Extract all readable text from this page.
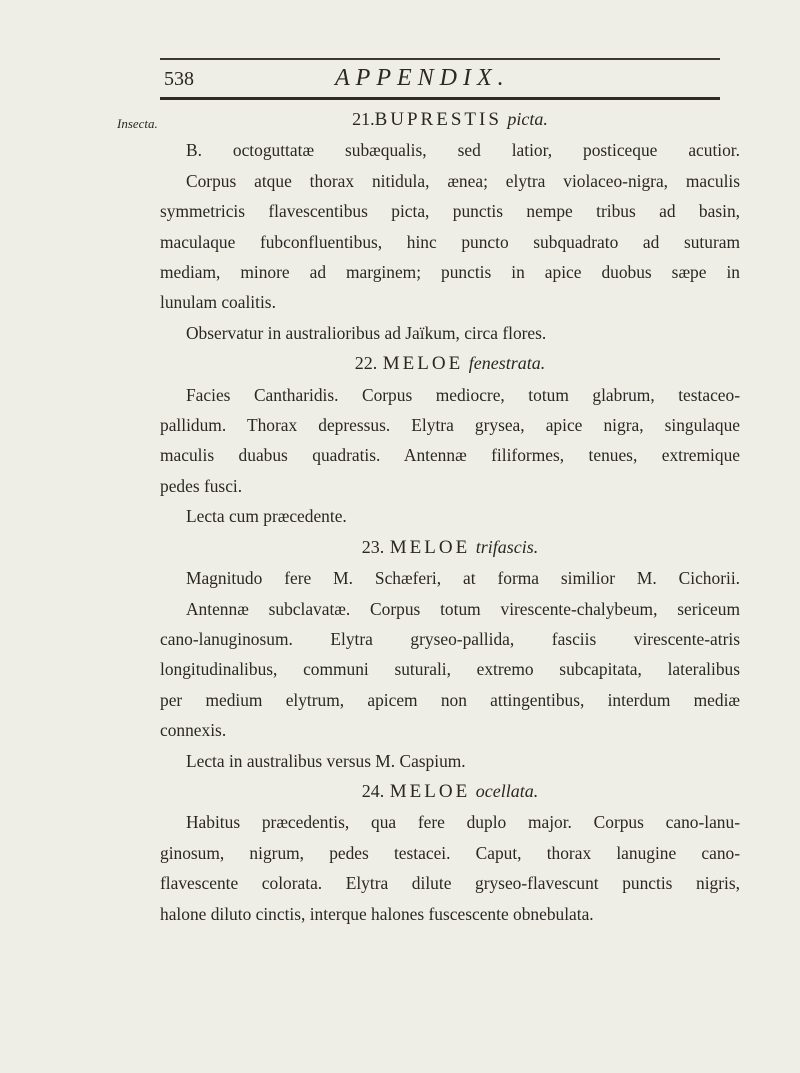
538	APPENDIX.
Insecta.	21.BUPRESTIS picta.

B. octoguttatæ subæqualis, sed latior, posticeque acutior.

Corpus atque thorax nitidula, ænea; elytra violaceo-nigra, maculis

symmetricis flavescentibus picta, punctis nempe tribus ad basin,

maculaque fubconfluentibus, hinc puncto subquadrato ad suturam

mediam, minore ad marginem; punctis in apice duobus sæpe in

lunulam coalitis.

Observatur in australioribus ad Jaïkum, circa flores.

22. MELOE fenestrata.

Facies Cantharidis. Corpus mediocre, totum glabrum, testaceo-

pallidum. Thorax depressus. Elytra grysea, apice nigra, singulaque

maculis duabus quadratis. Antennæ filiformes, tenues, extremique

pedes fusci.

Lecta cum præcedente.

23. MELOE trifascis.

Magnitudo fere M. Schæferi, at forma similior M. Cichorii.

Antennæ subclavatæ. Corpus totum virescente-chalybeum, sericeum

cano-lanuginosum. Elytra gryseo-pallida, fasciis virescente-atris

longitudinalibus, communi suturali, extremo subcapitata, lateralibus

per medium elytrum, apicem non attingentibus, interdum mediæ

connexis.

Lecta in australibus versus M. Caspium.

24. MELOE ocellata.

Habitus præcedentis, qua fere duplo major. Corpus cano-lanu-

ginosum, nigrum, pedes testacei. Caput, thorax lanugine cano-

flavescente colorata. Elytra dilute gryseo-flavescunt punctis nigris,

halone diluto cinctis, interque halones fuscescente obnebulata.
